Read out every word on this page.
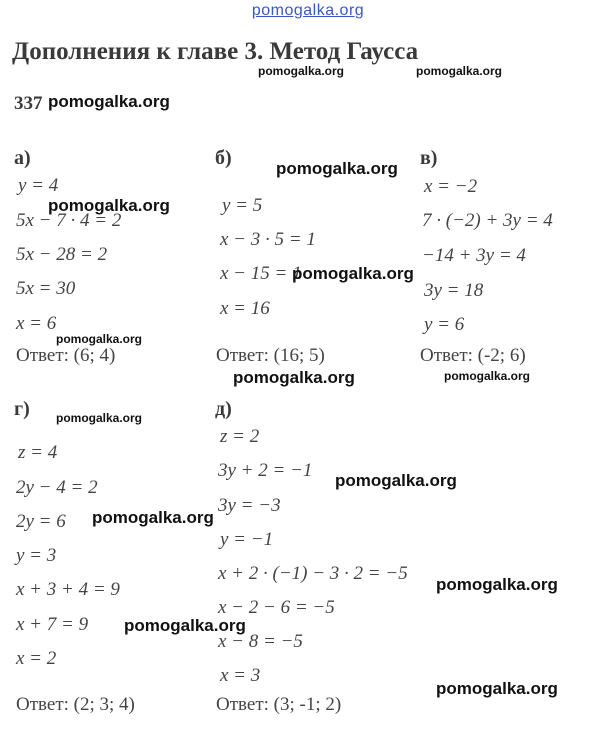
pomogalka.org
Дополнения к главе 3. Метод Гаусса
pomogalka.org	pomogalka.org
337 pomogalka.org
а)
y = 4
5x − 7 · 4 = 2
5x − 28 = 2
5x = 30
x = 6
Ответ: (6; 4)
pomogalka.org
pomogalka.org
б)
y = 5
x − 3 · 5 = 1
x − 15 = 1
x = 16
Ответ: (16; 5)
pomogalka.org
pomogalka.org
pomogalka.org
в)
x = −2
7 · (−2) + 3y = 4
−14 + 3y = 4
3y = 18
y = 6
Ответ: (-2; 6)
pomogalka.org
г) pomogalka.org
z = 4
2y − 4 = 2
2y = 6
y = 3
x + 3 + 4 = 9
x + 7 = 9
x = 2
Ответ: (2; 3; 4)
pomogalka.org
pomogalka.org
д)
z = 2
3y + 2 = −1
3y = −3
y = −1
x + 2 · (−1) − 3 · 2 = −5
x − 2 − 6 = −5
x − 8 = −5
x = 3
Ответ: (3; -1; 2)
pomogalka.org
pomogalka.org
pomogalka.org
